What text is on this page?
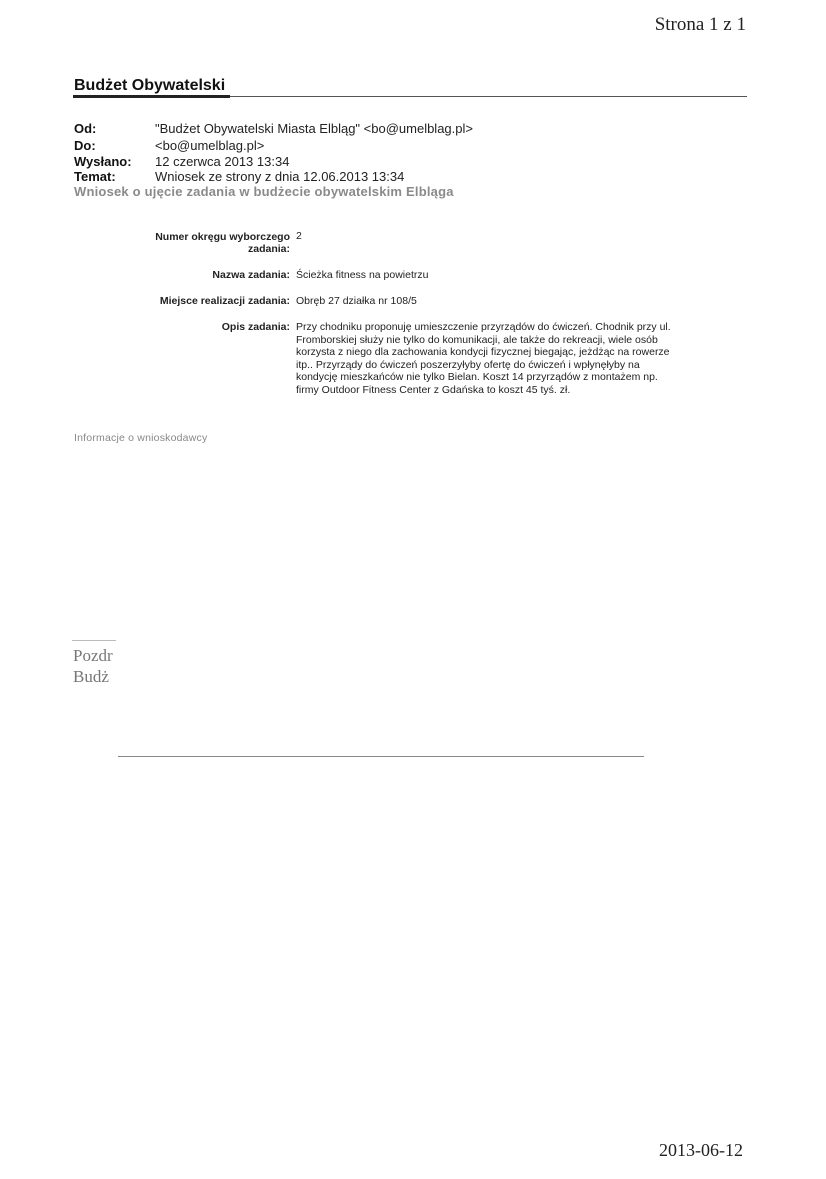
Strona 1 z 1
Budżet Obywatelski
Od:	"Budżet Obywatelski Miasta Elbląg" <bo@umelblag.pl>
Do:	<bo@umelblag.pl>
Wysłano: 12 czerwca 2013 13:34
Temat:	Wniosek ze strony z dnia 12.06.2013 13:34
Wniosek o ujęcie zadania w budżecie obywatelskim Elbląga
Numer okręgu wyborczego
zadania:
2
Nazwa zadania: Ścieżka fitness na powietrzu
Miejsce realizacji zadania: Obręb 27 działka nr 108/5
Opis zadania: Przy chodniku proponuję umieszczenie przyrządów do ćwiczeń. Chodnik przy ul.
Fromborskiej służy nie tylko do komunikacji, ale także do rekreacji, wiele osób
korzysta z niego dla zachowania kondycji fizycznej biegając, jeżdżąc na rowerze
itp.. Przyrządy do ćwiczeń poszerzyłyby ofertę do ćwiczeń i wpłynęłyby na
kondycję mieszkańców nie tylko Bielan. Koszt 14 przyrządów z montażem np.
firmy Outdoor Fitness Center z Gdańska to koszt 45 tyś. zł.
Informacje o wnioskodawcy
Pozdr
Budż
2013-06-12
